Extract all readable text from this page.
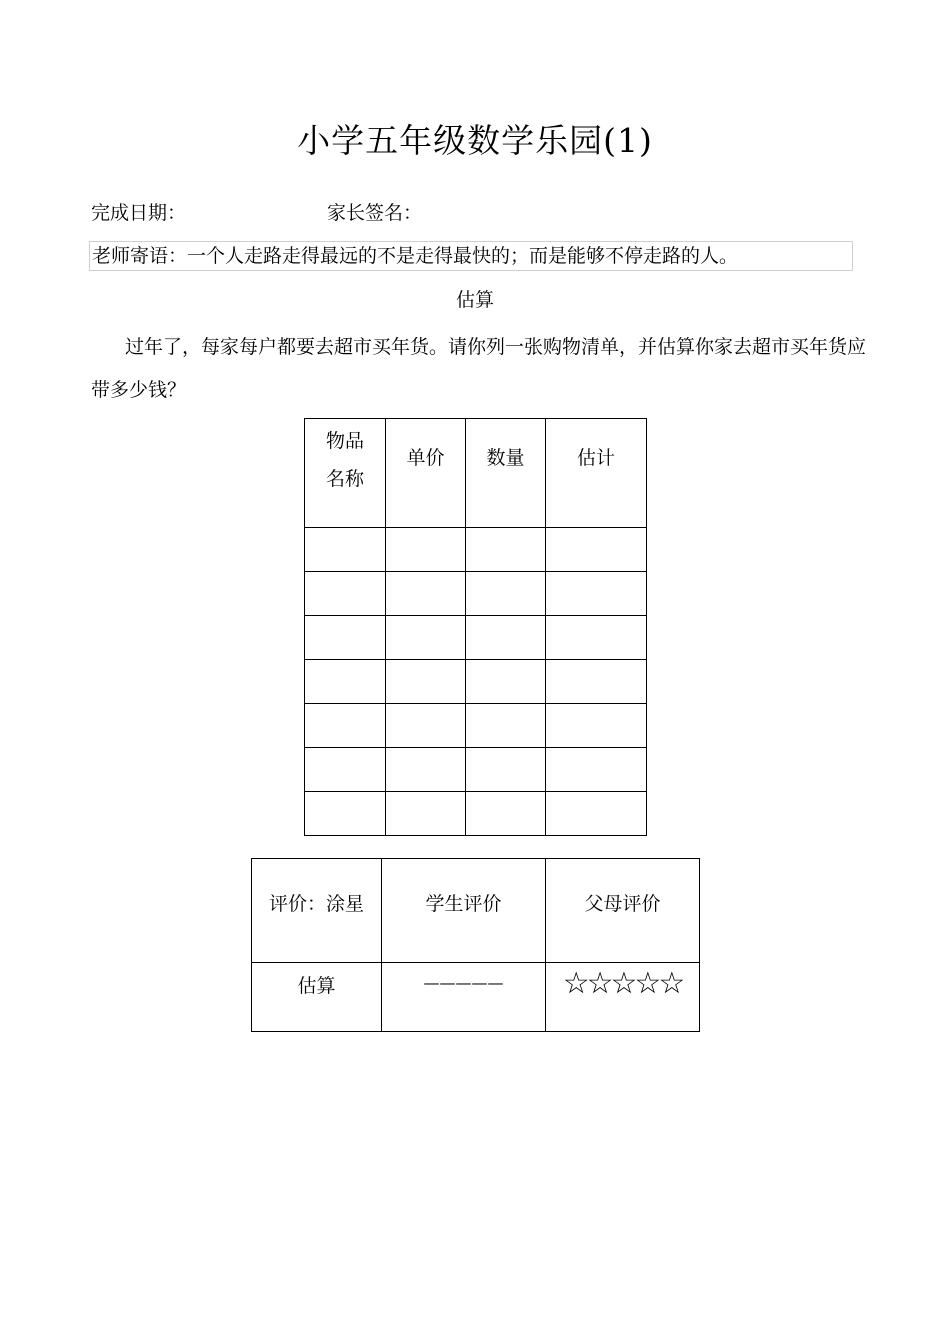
小学五年级数学乐园(1)
完成日期：	家长签名：
老师寄语：一个人走路走得最远的不是走得最快的；而是能够不停走路的人。
估算
过年了，每家每户都要去超市买年货。请你列一张购物清单，并估算你家去超市买年货应带多少钱？
物品名称	单价	数量	估计

评价：涂星	学生评价	父母评价
估算	—————	☆☆☆☆☆
